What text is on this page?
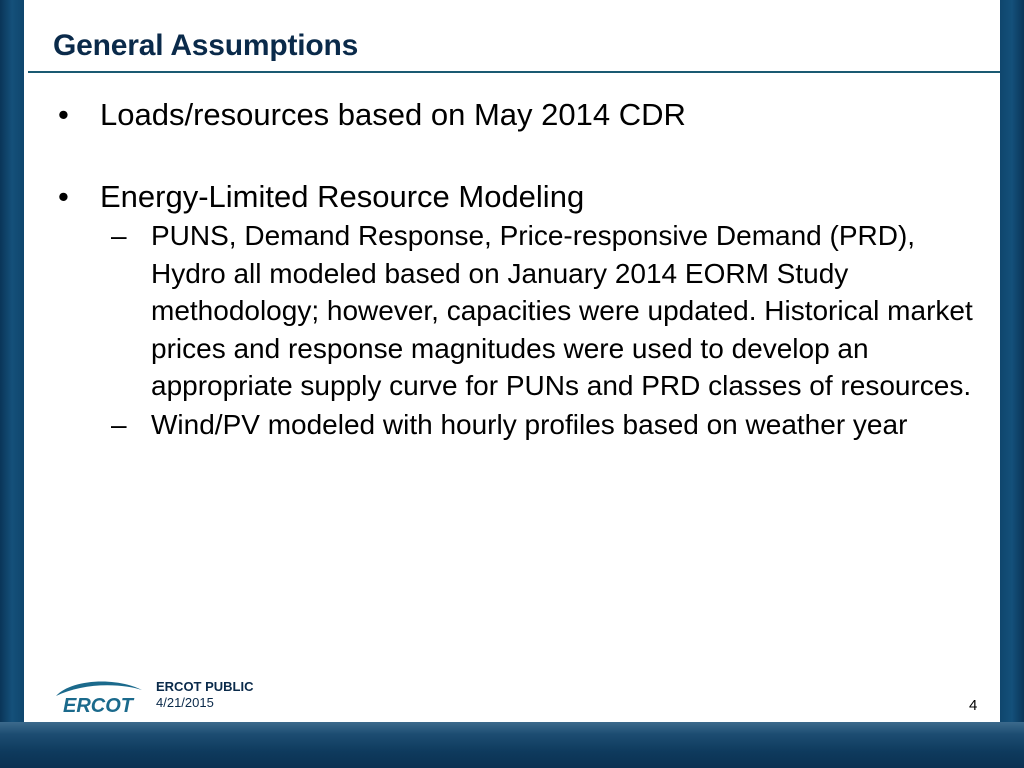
General Assumptions
• Loads/resources based on May 2014 CDR
• Energy-Limited Resource Modeling
– PUNS, Demand Response, Price-responsive Demand (PRD), Hydro all modeled based on January 2014 EORM Study methodology; however, capacities were updated. Historical market prices and response magnitudes were used to develop an appropriate supply curve for PUNs and PRD classes of resources.
– Wind/PV modeled with hourly profiles based on weather year
ERCOT
ERCOT PUBLIC
4/21/2015	4
